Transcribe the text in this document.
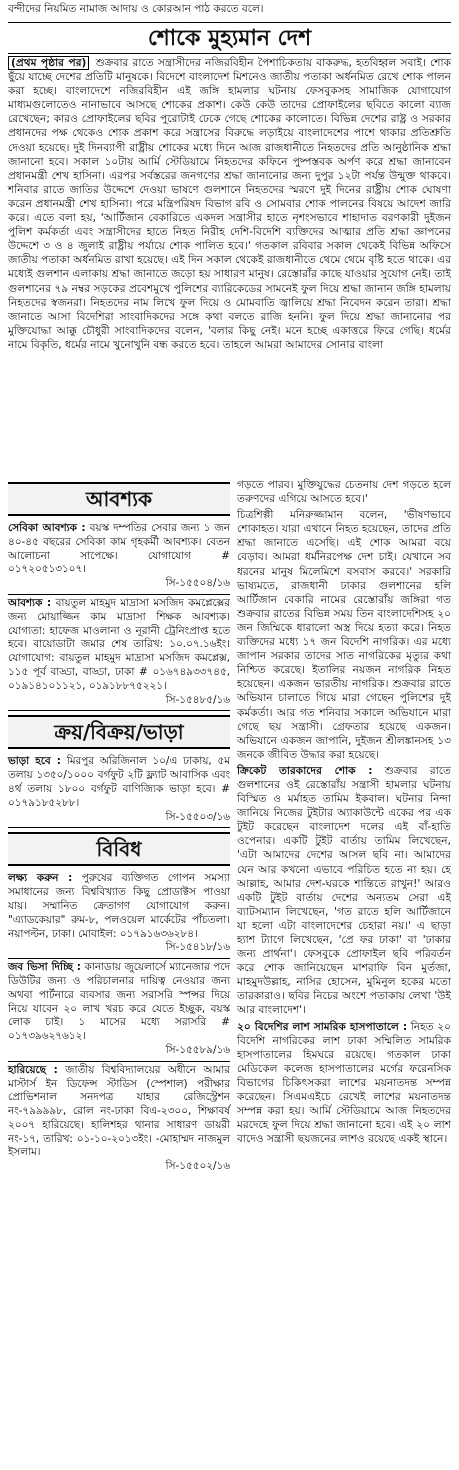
বন্দীদের নিয়মিত নামাজ আদায় ও কোরআন পাঠ করতে বলে।
শোকে মুহ্যমান দেশ
(প্রথম পৃষ্ঠার পর) শুক্রবার রাতে সন্ত্রাসীদের নজিরবিহীন পৈশাচিকতায় বাকরুদ্ধ, হতবিহ্বল সবাই। শোক ছুঁয়ে যাচ্ছে দেশের প্রতিটি মানুষকে। বিদেশে বাংলাদেশ মিশনেও জাতীয় পতাকা অর্ধনমিত রেখে শোক পালন করা হচ্ছে। বাংলাদেশে নজিরবিহীন এই জঙ্গি হামলার ঘটনায় ফেসবুকসহ সামাজিক যোগাযোগ মাধ্যমগুলোতেও নানাভাবে আসছে শোকের প্রকাশ। কেউ কেউ তাদের প্রোফাইলের ছবিতে কালো ব্যাজ রেখেছেন; কারও প্রোফাইলের ছবির পুরোটাই ঢেকে গেছে শোকের কালোতে। বিভিন্ন দেশের রাষ্ট্র ও সরকার প্রধানদের পক্ষ থেকেও শোক প্রকাশ করে সন্ত্রাসের বিরুদ্ধে লড়াইয়ে বাংলাদেশের পাশে থাকার প্রতিশ্রুতি দেওয়া হয়েছে। দুই দিনব্যাপী রাষ্ট্রীয় শোকের মধ্যে দিনে আজ রাজধানীতে নিহতদের প্রতি আনুষ্ঠানিক শ্রদ্ধা জানানো হবে। সকাল ১০টায় আর্মি স্টেডিয়ামে নিহতদের কফিনে পুষ্পস্তবক অর্পণ করে শ্রদ্ধা জানাবেন প্রধানমন্ত্রী শেখ হাসিনা। এরপর সর্বস্তরের জনগণের শ্রদ্ধা জানানোর জন্য দুপুর ১২টা পর্যন্ত উন্মুক্ত থাকবে। শনিবার রাতে জাতির উদ্দেশে দেওয়া ভাষণে গুলশানে নিহতদের স্মরণে দুই দিনের রাষ্ট্রীয় শোক ঘোষণা করেন প্রধানমন্ত্রী শেখ হাসিনা। পরে মন্ত্রিপরিষদ বিভাগ রবি ও সোমবার শোক পালনের বিষয়ে আদেশ জারি করে। এতে বলা হয়, 'আর্টিজান বেকারিতে একদল সন্ত্রাসীর হাতে নৃশংসভাবে শাহাদাত বরণকারী দুইজন পুলিশ কর্মকর্তা এবং সন্ত্রাসীদের হাতে নিহত নিরীহ দেশি-বিদেশি ব্যক্তিদের আত্মার প্রতি শ্রদ্ধা জ্ঞাপনের উদ্দেশে ৩ ও ৪ জুলাই রাষ্ট্রীয় পর্যায়ে শোক পালিত হবে।' গতকাল রবিবার সকাল থেকেই বিভিন্ন অফিসে জাতীয় পতাকা অর্ধনমিত রাখা হয়েছে। এই দিন সকাল থেকেই রাজধানীতে থেমে থেমে বৃষ্টি হতে থাকে। এর মধ্যেই গুলশান এলাকায় শ্রদ্ধা জানাতে জড়ো হয় সাধারণ মানুষ। রেস্তোরাঁর কাছে যাওয়ার সুযোগ নেই। তাই গুলশানের ৭৯ নম্বর সড়কের প্রবেশমুখে পুলিশের ব্যারিকেডের সামনেই ফুল দিয়ে শ্রদ্ধা জানান জঙ্গি হামলায় নিহতদের স্বজনরা। নিহতদের নাম লিখে ফুল দিয়ে ও মোমবাতি জ্বালিয়ে শ্রদ্ধা নিবেদন করেন তারা। শ্রদ্ধা জানাতে আসা বিদেশিরা সাংবাদিকদের সঙ্গে কথা বলতে রাজি হননি। ফুল দিয়ে শ্রদ্ধা জানানোর পর মুক্তিযোদ্ধা আক্কু চৌধুরী সাংবাদিকদের বলেন, 'বলার কিছু নেই। মনে হচ্ছে একাত্তরে ফিরে গেছি। ধর্মের নামে বিকৃতি, ধর্মের নামে খুনোখুনি বন্ধ করতে হবে। তাহলে আমরা আমাদের সোনার বাংলা
আবশ্যক
সেবিকা আবশ্যক : বয়স্ক দম্পতির সেবার জন্য ১ জন ৪০-৪৫ বছরের সেবিকা কাম গৃহকর্মী আবশ্যক। বেতন আলোচনা সাপেক্ষে। যোগাযোগ # ০১৭২০৫১৩১০৭।
সি-১৫৫০৪/১৬
আবশ্যক : বায়তুল মাহমুদ মাদ্রাসা মসজিদ কমপ্লেক্সের জন্য মোয়াজ্জিন কাম মাদ্রাসা শিক্ষক আবশ্যক। যোগ্যতা: হাফেজ মাওলানা ও নূরানী ট্রেনিংপ্রাপ্ত হতে হবে। বায়োডাটা জমার শেষ তারিখ: ১০.০৭.১৬ইং। যোগাযোগ: বায়তুল মাহমুদ মাদ্রাসা মসজিদ কমপ্লেক্স, ১১৫ পূর্ব বাড্ডা, বাড্ডা, ঢাকা # ০১৬৭৪৯৩৩৭৪৫, ০১৯১৪১০১১২১, ০১৯১৮৮৭৫২২১।
সি-১৫৪৮৫/১৬
ক্রয়/বিক্রয়/ভাড়া
ভাড়া হবে : মিরপুর অরিজিনাল ১০/এ ঢাকায়, ৫ম তলায় ১৩৫০/১০০০ বর্গফুট ২টি ফ্ল্যাট আবাসিক এবং ৪র্থ তলায় ১৮০০ বর্গফুট বাণিজ্যিক ভাড়া হবে। # ০১৭৯১৮৫২৮৮।
সি-১৫৫০৩/১৬
বিবিধ
লক্ষ্য করুন : পুরুষের ব্যক্তিগত গোপন সমস্যা সমাধানের জন্য বিশ্ববিখ্যাত কিছু প্রোডাক্টস পাওয়া যায়। সম্মানিত ক্রেতাগণ যোগাযোগ করুন। "এ্যাডকেয়ার" রুম-৮, পলওয়েল মার্কেটের পাঁচতলা। নয়াপল্টন, ঢাকা। মোবাইল: ০১৭৯১৬৩৬২৮৪।
সি-১৫৪১৮/১৬
জব ভিসা দিচ্ছি : কানাডায় জুয়েলার্সে ম্যানেজার পদে ডিউটির জন্য ও পরিচালনার দায়িত্ব নেওয়ার জন্য অথবা পার্টনারে ব্যবসার জন্য সরাসরি স্পন্সর দিয়ে নিয়ে যাবেন ২০ লাখ খরচ করে যেতে ইচ্ছুক, বয়স্ক লোক চাই। ১ মাসের মধ্যে সরাসরি # ০১৭৩৯৬২৭৬১২।
সি-১৫৫৮৯/১৬
হারিয়েছে : জাতীয় বিশ্ববিদ্যালয়ের অধীনে আমার মাস্টার্স ইন ডিফেন্স স্টাডিস (স্পেশাল) পরীক্ষার প্রোভিশনাল সনদপত্র যাহার রেজিস্ট্রেশন নং-৭৯৯৯৯৮, রোল নং-ঢাকা বিএ-২৩০০, শিক্ষাবর্ষ ২০০৭ হারিয়েছে। হালিশহর থানার সাধারণ ডায়রী নং-১৭, তারিখ: ০১-১০-২০১৩ইং। -মোহাম্মদ নাজমুল ইসলাম।
সি-১৫৫০২/১৬

গড়তে পারব। মুক্তিযুদ্ধের চেতনায় দেশ গড়তে হলে তরুণদের এগিয়ে আসতে হবে।'

চিত্রশিল্পী মনিরুজ্জামান বলেন, 'ভীষণভাবে শোকাহত। যারা এখানে নিহত হয়েছেন, তাদের প্রতি শ্রদ্ধা জানাতে এসেছি। এই শোক আমরা বয়ে বেড়াব। আমরা ধর্মনিরপেক্ষ দেশ চাই। যেখানে সব ধরনের মানুষ মিলেমিশে বসবাস করবে।' সরকারি ভাষ্যমতে, রাজধানী ঢাকার গুলশানের হলি আর্টিজান বেকারি নামের রেস্তোরাঁয় জঙ্গিরা গত শুক্রবার রাতের বিভিন্ন সময় তিন বাংলাদেশিসহ ২০ জন জিম্মিকে ধারালো অস্ত্র দিয়ে হত্যা করে। নিহত ব্যক্তিদের মধ্যে ১৭ জন বিদেশি নাগরিক। এর মধ্যে জাপান সরকার তাদের সাত নাগরিকের মৃত্যুর কথা নিশ্চিত করেছে। ইতালির নয়জন নাগরিক নিহত হয়েছেন। একজন ভারতীয় নাগরিক। শুক্রবার রাতে অভিযান চালাতে গিয়ে মারা গেছেন পুলিশের দুই কর্মকর্তা। আর গত শনিবার সকালে অভিযানে মারা গেছে ছয় সন্ত্রাসী। গ্রেফতার হয়েছে একজন। অভিযানে একজন জাপানি, দুইজন শ্রীলঙ্কানসহ ১৩ জনকে জীবিত উদ্ধার করা হয়েছে।

ক্রিকেট তারকাদের শোক : শুক্রবার রাতে গুলশানের ওই রেস্তোরাঁয় সন্ত্রাসী হামলার ঘটনায় বিস্মিত ও মর্মাহত তামিম ইকবাল। ঘটনার নিন্দা জানিয়ে নিজের টুইটার অ্যাকাউন্টে একের পর এক টুইট করেছেন বাংলাদেশ দলের এই বাঁ-হাতি ওপেনার। একটি টুইট বার্তায় তামিম লিখেছেন, 'এটা আমাদের দেশের আসল ছবি না। আমাদের যেন আর কখনো এভাবে পরিচিত হতে না হয়। হে আল্লাহ, আমার দেশ-ঘরকে শান্তিতে রাখুন!' আরও একটি টুইট বার্তায় দেশের অন্যতম সেরা এই ব্যাটসম্যান লিখেছেন, 'গত রাতে হলি আর্টিজানে যা হলো এটা বাংলাদেশের চেহারা নয়।' এ ছাড়া হ্যাশ ট্যাগে লিখেছেন, 'প্রে ফর ঢাকা' বা 'ঢাকার জন্য প্রার্থনা'। ফেসবুকে প্রোফাইল ছবি পরিবর্তন করে শোক জানিয়েছেন মাশরাফি বিন মুর্তজা, মাহমুদউল্লাহ, নাসির হোসেন, মুমিনুল হকের মতো তারকারাও। ছবির নিচের অংশে পতাকায় লেখা 'উই আর বাংলাদেশ'।

২০ বিদেশির লাশ সামরিক হাসপাতালে : নিহত ২০ বিদেশি নাগরিকের লাশ ঢাকা সম্মিলিত সামরিক হাসপাতালের হিমঘরে রয়েছে। গতকাল ঢাকা মেডিকেল কলেজ হাসপাতালের মর্গের ফরেনসিক বিভাগের চিকিৎসকরা লাশের ময়নাতদন্ত সম্পন্ন করেছেন। সিএমএইচে রেখেই লাশের ময়নাতদন্ত সম্পন্ন করা হয়। আর্মি স্টেডিয়ামে আজ নিহতদের মরদেহে ফুল দিয়ে শ্রদ্ধা জানানো হবে। এই ২০ লাশ বাদেও সন্ত্রাসী ছয়জনের লাশও রয়েছে একই স্থানে।
